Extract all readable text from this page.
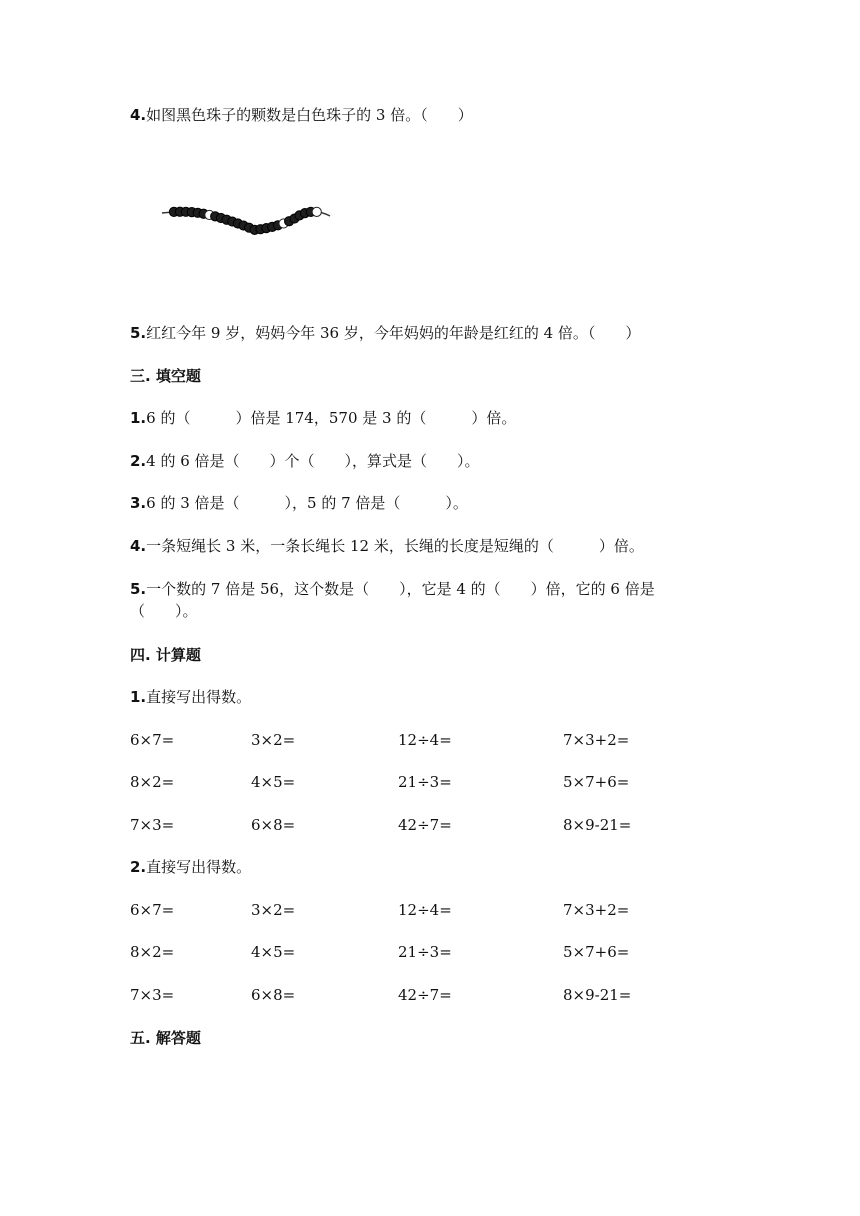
4.如图黑色珠子的颗数是白色珠子的 3 倍。（　　）
5.红红今年 9 岁，妈妈今年 36 岁，今年妈妈的年龄是红红的 4 倍。（　　）
三. 填空题
1.6 的（　　　）倍是 174，570 是 3 的（　　　）倍。
2.4 的 6 倍是（　　）个（　　），算式是（　　）。
3.6 的 3 倍是（　　　），5 的 7 倍是（　　　）。
4.一条短绳长 3 米，一条长绳长 12 米，长绳的长度是短绳的（　　　）倍。
5.一个数的 7 倍是 56，这个数是（　　），它是 4 的（　　）倍，它的 6 倍是
（　　）。
四. 计算题
1.直接写出得数。
6×7=	3×2=	12÷4=	7×3+2=
8×2=	4×5=	21÷3=	5×7+6=
7×3=	6×8=	42÷7=	8×9-21=
2.直接写出得数。
6×7=	3×2=	12÷4=	7×3+2=
8×2=	4×5=	21÷3=	5×7+6=
7×3=	6×8=	42÷7=	8×9-21=
五. 解答题
